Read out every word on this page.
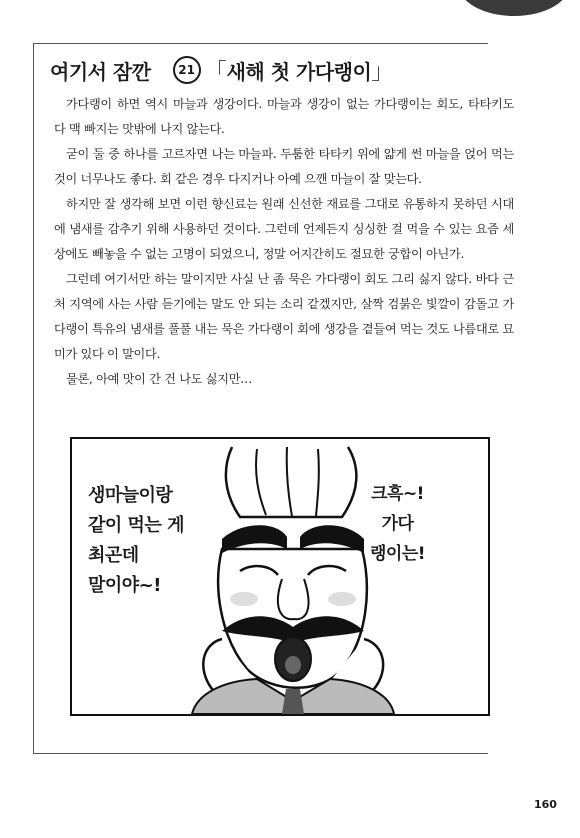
여기서 잠깐	21 「 새해 첫 가다랭이 」

가다랭이 하면 역시 마늘과 생강이다. 마늘과 생강이 없는 가다랭이는 회도, 타타키도 다 맥 빠지는 맛밖에 나지 않는다.

굳이 둘 중 하나를 고르자면 나는 마늘파. 두툼한 타타키 위에 얇게 썬 마늘을 얹어 먹는 것이 너무나도 좋다. 회 같은 경우 다지거나 아예 으깬 마늘이 잘 맞는다.

하지만 잘 생각해 보면 이런 향신료는 원래 신선한 재료를 그대로 유통하지 못하던 시대에 냄새를 감추기 위해 사용하던 것이다. 그런데 언제든지 싱싱한 걸 먹을 수 있는 요즘 세상에도 빼놓을 수 없는 고명이 되었으니, 정말 어지간히도 절묘한 궁합이 아닌가.

그런데 여기서만 하는 말이지만 사실 난 좀 묵은 가다랭이 회도 그리 싫지 않다. 바다 근처 지역에 사는 사람 듣기에는 말도 안 되는 소리 같겠지만, 살짝 검붉은 빛깔이 감돌고 가다랭이 특유의 냄새를 풀풀 내는 묵은 가다랭이 회에 생강을 곁들여 먹는 것도 나름대로 묘미가 있다 이 말이다.

물론, 아예 맛이 간 건 나도 싫지만…

생마늘이랑
같이 먹는 게
최곤데
말이야~!
크흑~!
가다
랭이는!
160
